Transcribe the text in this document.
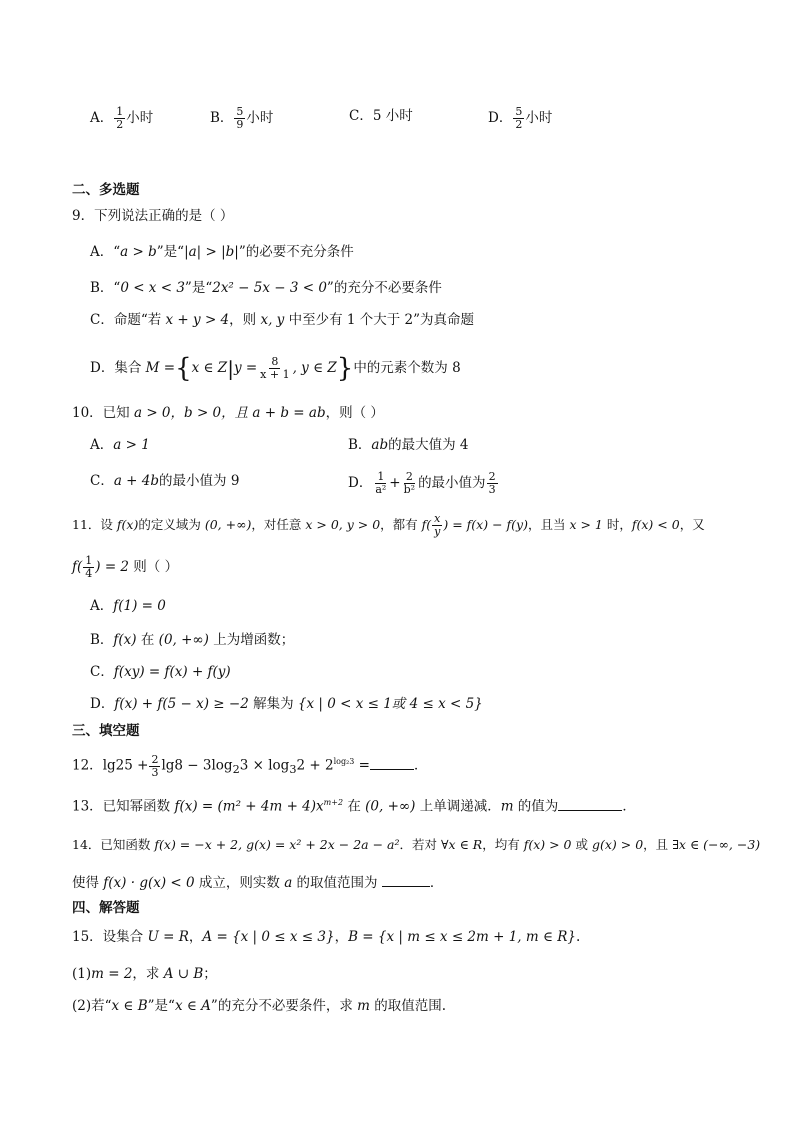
A． $\frac{1}{2}$ 小时	B． $\frac{5}{9}$ 小时	C．5 小时	D． $\frac{5}{2}$ 小时
二、多选题
9．下列说法正确的是（ ）
A．“a > b”是“|a| > |b|”的必要不充分条件
B．“0 < x < 3”是“2x² − 5x − 3 < 0”的充分不必要条件
C．命题“若 x + y > 4，则 x, y 中至少有 1 个大于 2”为真命题
D．集合 M ={x ∈ $Z|y = \frac{8}{x + 1}$ , y ∈ Z}中的元素个数为 8
10．已知 a > 0，b > 0，且 a + b = ab，则（ ）
A．a > 1	B．ab的最大值为 4
C．a + 4b的最小值为 9	D． $\frac{1}{\text{a²}} + \frac{2}{\text{b²}}$ 的最小值为 $\frac{2}{3}$
11．设 f(x)的定义域为 (0, +∞)，对任意 x > 0, y > 0，都有 $f( \frac{x}{y}$ ) = f(x) − f(y)，且当 x > 1 时，f(x) < 0，又
$f( \frac{1}{4}$ ) = 2 则（ ）
A．f(1) = 0
B．f(x) 在 (0, +∞) 上为增函数；
C．f(xy) = f(x) + f(y)
D．f(x) + f(5 − x) ≥ −2 解集为 {x | 0 < x ≤ 1或 4 ≤ x < 5}
三、填空题
12．$\lg 25 + \frac{2}{3} \lg 8 - 3\log_23 \times \log_32 + 2^{log_23}$ =	．
13．已知幂函数 $f(x) = (m^2 + 4m + 4)x^{m+2}$ 在 (0, +∞) 上单调递减．m 的值为	．
14．已知函数 f(x) = −x + 2, g(x) = x² + 2x − 2a − a²．若对 ∀x ∈ R，均有 f(x) > 0 或 g(x) > 0，且 ∃x ∈ (−∞, −3)
使得 f(x) · g(x) < 0 成立，则实数 a 的取值范围为	．
四、解答题
15．设集合 U = R，A = {x | 0 ≤ x ≤ 3}，B = {x | m ≤ x ≤ 2m + 1, m ∈ R}.
(1)m = 2，求 A ∪ B；
(2)若“x ∈ B”是“x ∈ A”的充分不必要条件，求 m 的取值范围.
